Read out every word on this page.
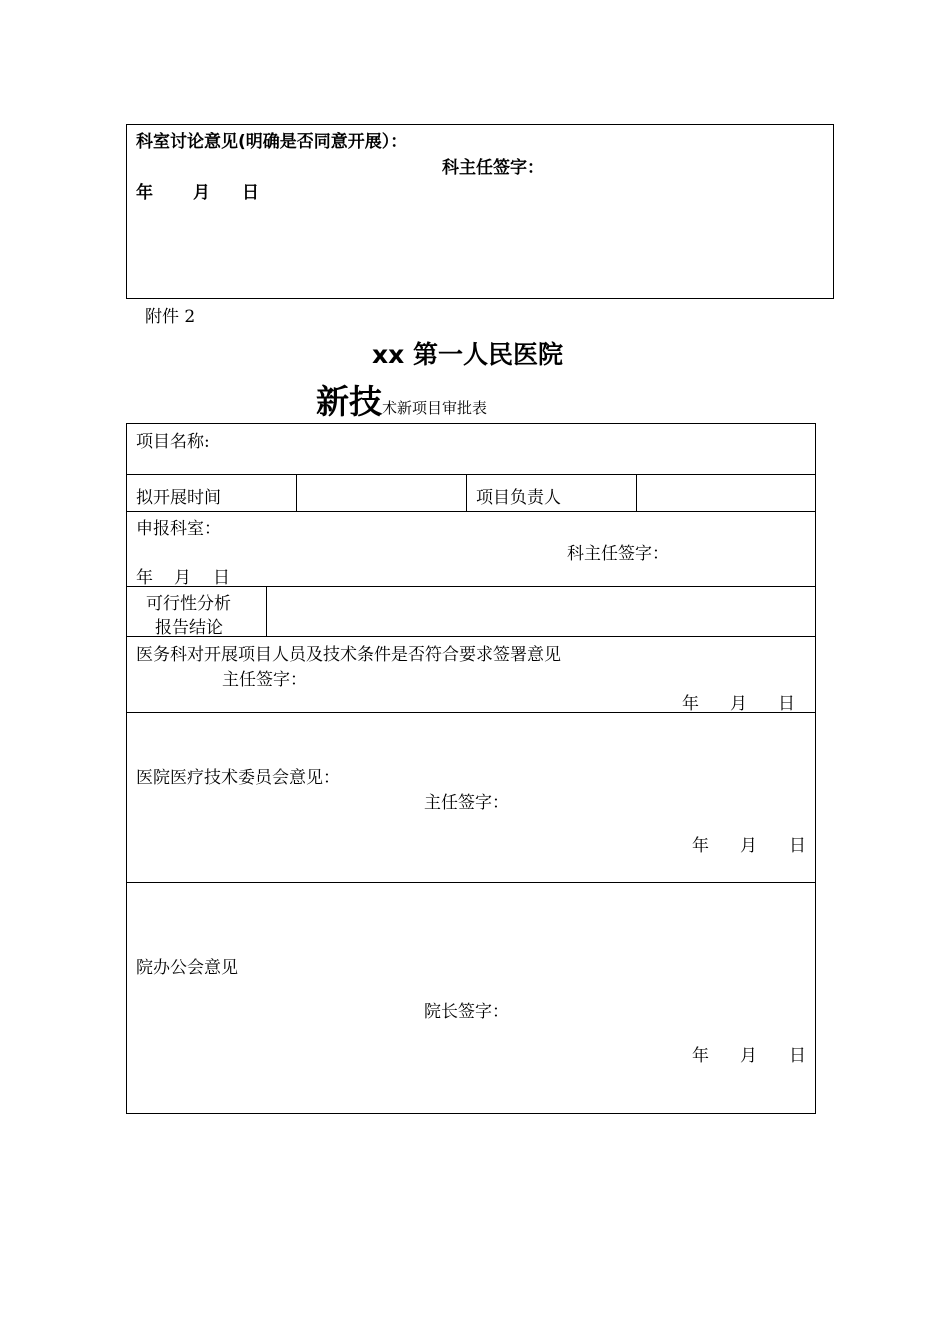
科室讨论意见(明确是否同意开展）：
科主任签字：
年 月 日
附件 2
xx 第一人民医院
新技术新项目审批表
项目名称:
拟开展时间	项目负责人
申报科室：
科主任签字：
年 月 日
可行性分析
报告结论
医务科对开展项目人员及技术条件是否符合要求签署意见
主任签字：
年 月 日
医院医疗技术委员会意见：
主任签字：
年 月 日
院办公会意见
院长签字：
年 月 日
